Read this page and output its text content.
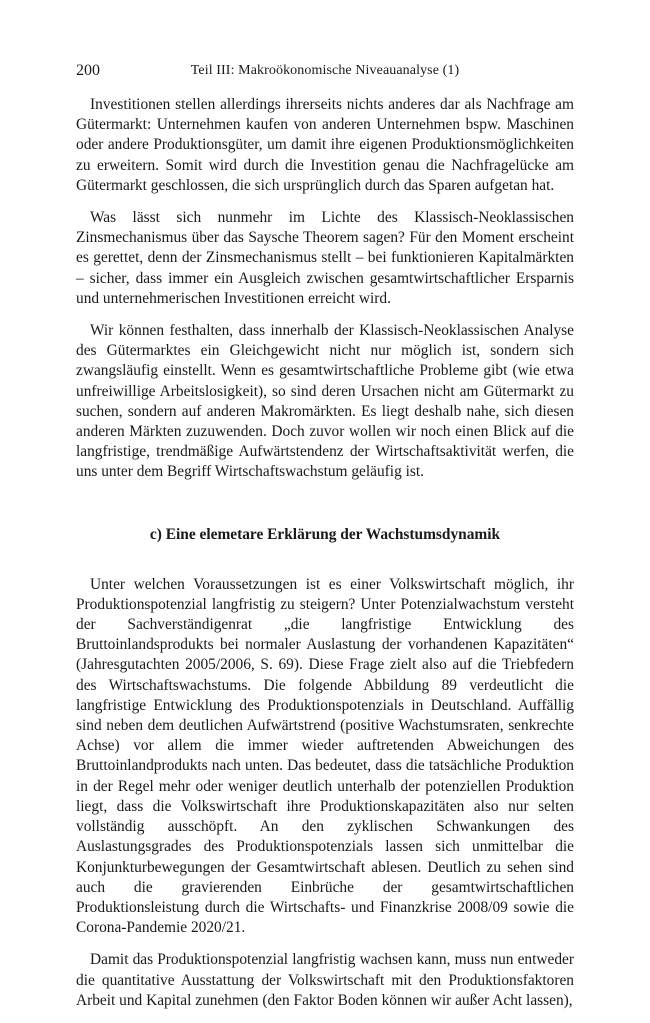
200	Teil III: Makroökonomische Niveauanalyse (1)

Investitionen stellen allerdings ihrerseits nichts anderes dar als Nachfrage am Gütermarkt: Unternehmen kaufen von anderen Unternehmen bspw. Maschinen oder andere Produktionsgüter, um damit ihre eigenen Produktionsmöglichkeiten zu erweitern. Somit wird durch die Investition genau die Nachfragelücke am Gütermarkt geschlossen, die sich ursprünglich durch das Sparen aufgetan hat.

Was lässt sich nunmehr im Lichte des Klassisch-Neoklassischen Zinsmechanismus über das Saysche Theorem sagen? Für den Moment erscheint es gerettet, denn der Zinsmechanismus stellt – bei funktionieren Kapitalmärkten – sicher, dass immer ein Ausgleich zwischen gesamtwirtschaftlicher Ersparnis und unternehmerischen Investitionen erreicht wird.

Wir können festhalten, dass innerhalb der Klassisch-Neoklassischen Analyse des Gütermarktes ein Gleichgewicht nicht nur möglich ist, sondern sich zwangsläufig einstellt. Wenn es gesamtwirtschaftliche Probleme gibt (wie etwa unfreiwillige Arbeitslosigkeit), so sind deren Ursachen nicht am Gütermarkt zu suchen, sondern auf anderen Makromärkten. Es liegt deshalb nahe, sich diesen anderen Märkten zuzuwenden. Doch zuvor wollen wir noch einen Blick auf die langfristige, trendmäßige Aufwärtstendenz der Wirtschaftsaktivität werfen, die uns unter dem Begriff Wirtschaftswachstum geläufig ist.

c) Eine elemetare Erklärung der Wachstumsdynamik

Unter welchen Voraussetzungen ist es einer Volkswirtschaft möglich, ihr Produktionspotenzial langfristig zu steigern? Unter Potenzialwachstum versteht der Sachverständigenrat „die langfristige Entwicklung des Bruttoinlandsprodukts bei normaler Auslastung der vorhandenen Kapazitäten“ (Jahresgutachten 2005/2006, S. 69). Diese Frage zielt also auf die Triebfedern des Wirtschaftswachstums. Die folgende Abbildung 89 verdeutlicht die langfristige Entwicklung des Produktionspotenzials in Deutschland. Auffällig sind neben dem deutlichen Aufwärtstrend (positive Wachstumsraten, senkrechte Achse) vor allem die immer wieder auftretenden Abweichungen des Bruttoinlandprodukts nach unten. Das bedeutet, dass die tatsächliche Produktion in der Regel mehr oder weniger deutlich unterhalb der potenziellen Produktion liegt, dass die Volkswirtschaft ihre Produktionskapazitäten also nur selten vollständig ausschöpft. An den zyklischen Schwankungen des Auslastungsgrades des Produktionspotenzials lassen sich unmittelbar die Konjunkturbewegungen der Gesamtwirtschaft ablesen. Deutlich zu sehen sind auch die gravierenden Einbrüche der gesamtwirtschaftlichen Produktionsleistung durch die Wirtschafts- und Finanzkrise 2008/09 sowie die Corona-Pandemie 2020/21.

Damit das Produktionspotenzial langfristig wachsen kann, muss nun entweder die quantitative Ausstattung der Volkswirtschaft mit den Produktionsfaktoren Arbeit und Kapital zunehmen (den Faktor Boden können wir außer Acht lassen),
